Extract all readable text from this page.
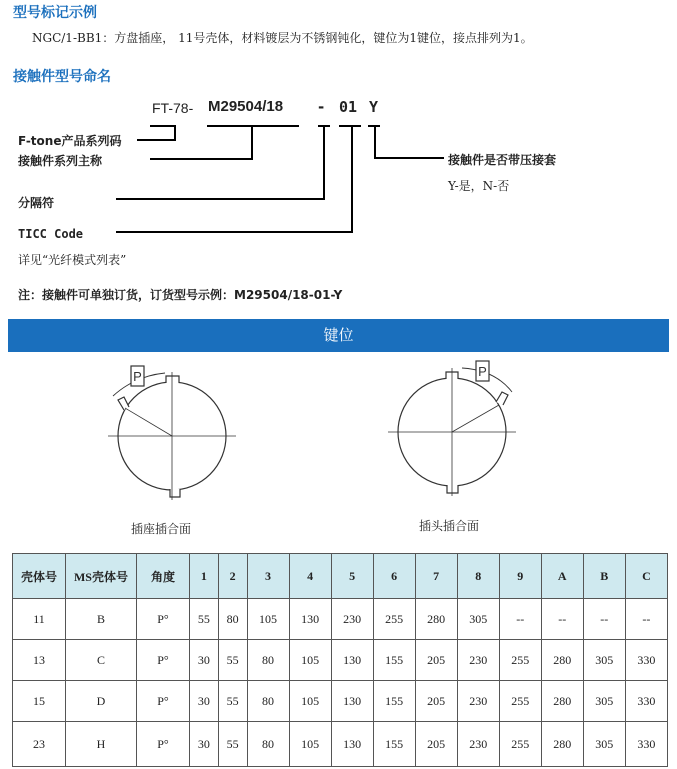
型号标记示例
NGC/1-BB1：方盘插座， 11号壳体，材料镀层为不锈钢钝化，键位为1键位，接点排列为1。
接触件型号命名
FT-78- M29504/18 - 01 Y
F-tone产品系列码
接触件系列主称
分隔符
TICC Code
详见“光纤模式列表”
接触件是否带压接套
Y-是，N-否
注：接触件可单独订货，订货型号示例：M29504/18-01-Y
键位
P	P
插座插合面	插头插合面
壳体号	MS壳体号	角度	1	2	3	4	5	6	7	8	9	A	B	C
11	B	P°	55	80	105	130	230	255	280	305	--	--	--	--
13	C	P°	30	55	80	105	130	155	205	230	255	280	305	330
15	D	P°	30	55	80	105	130	155	205	230	255	280	305	330
23	H	P°	30	55	80	105	130	155	205	230	255	280	305	330
